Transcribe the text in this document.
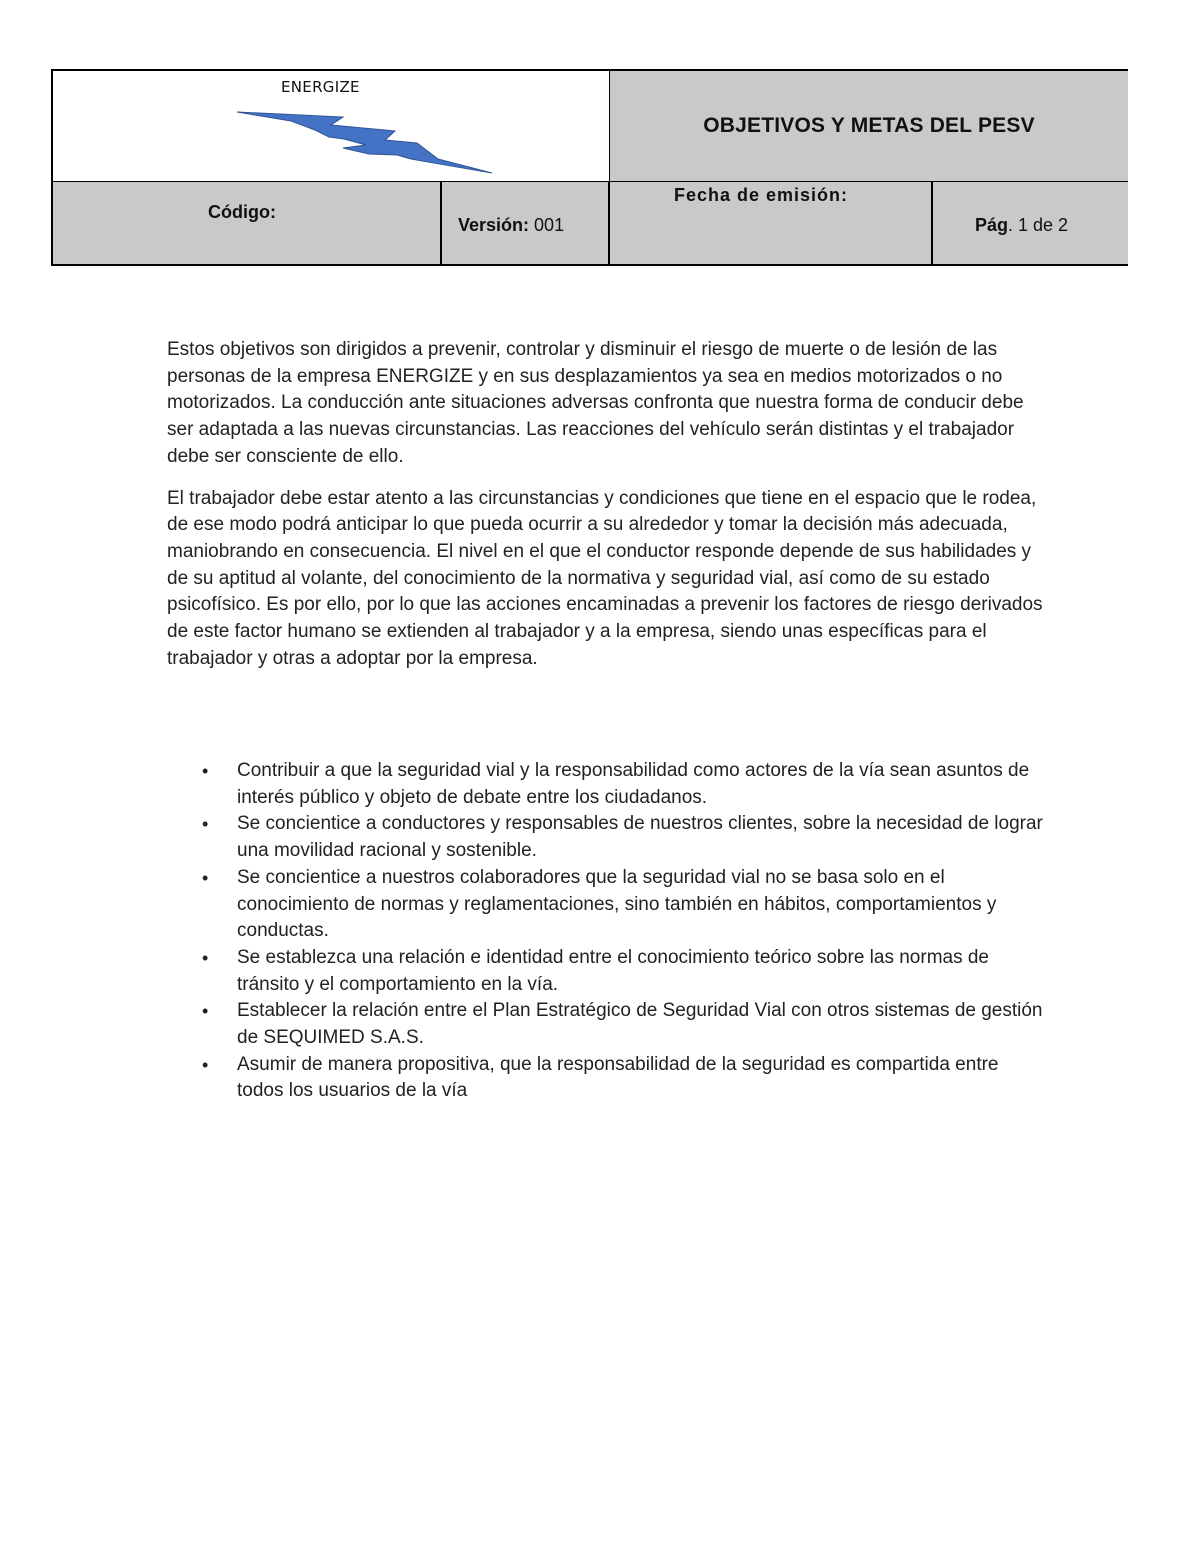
ENERGIZE
OBJETIVOS Y METAS DEL PESV
Código:
Versión: 001
Fecha de emisión:
Pág. 1 de 2

Estos objetivos son dirigidos a prevenir, controlar y disminuir el riesgo de muerte o de lesión de las personas de la empresa ENERGIZE y en sus desplazamientos ya sea en medios motorizados o no motorizados. La conducción ante situaciones adversas confronta que nuestra forma de conducir debe ser adaptada a las nuevas circunstancias. Las reacciones del vehículo serán distintas y el trabajador debe ser consciente de ello.

El trabajador debe estar atento a las circunstancias y condiciones que tiene en el espacio que le rodea, de ese modo podrá anticipar lo que pueda ocurrir a su alrededor y tomar la decisión más adecuada, maniobrando en consecuencia. El nivel en el que el conductor responde depende de sus habilidades y de su aptitud al volante, del conocimiento de la normativa y seguridad vial, así como de su estado psicofísico. Es por ello, por lo que las acciones encaminadas a prevenir los factores de riesgo derivados de este factor humano se extienden al trabajador y a la empresa, siendo unas específicas para el trabajador y otras a adoptar por la empresa.

• Contribuir a que la seguridad vial y la responsabilidad como actores de la vía sean asuntos de interés público y objeto de debate entre los ciudadanos.
• Se concientice a conductores y responsables de nuestros clientes, sobre la necesidad de lograr una movilidad racional y sostenible.
• Se concientice a nuestros colaboradores que la seguridad vial no se basa solo en el conocimiento de normas y reglamentaciones, sino también en hábitos, comportamientos y conductas.
• Se establezca una relación e identidad entre el conocimiento teórico sobre las normas de tránsito y el comportamiento en la vía.
• Establecer la relación entre el Plan Estratégico de Seguridad Vial con otros sistemas de gestión de SEQUIMED S.A.S.
• Asumir de manera propositiva, que la responsabilidad de la seguridad es compartida entre todos los usuarios de la vía
